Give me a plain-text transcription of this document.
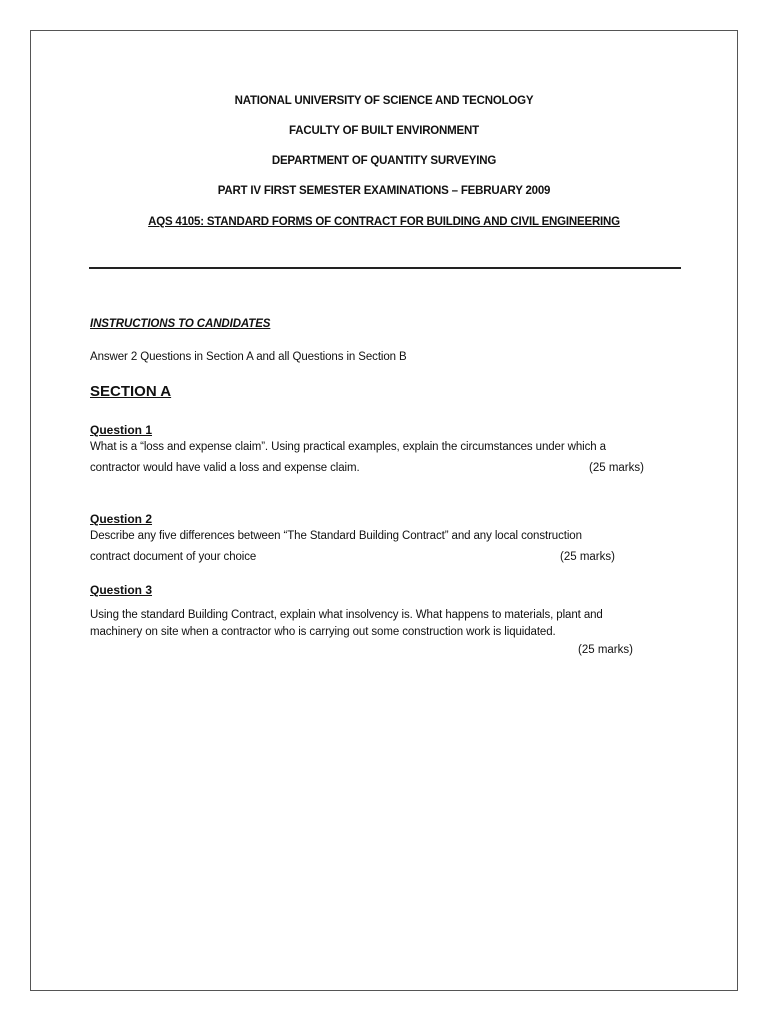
NATIONAL UNIVERSITY OF SCIENCE AND TECNOLOGY
FACULTY OF BUILT ENVIRONMENT
DEPARTMENT OF QUANTITY SURVEYING
PART IV FIRST SEMESTER EXAMINATIONS – FEBRUARY 2009
AQS 4105: STANDARD FORMS OF CONTRACT FOR BUILDING AND CIVIL ENGINEERING
INSTRUCTIONS TO CANDIDATES
Answer 2 Questions in Section A and all Questions in Section B
SECTION A
Question 1
What is a “loss and expense claim”. Using practical examples, explain the circumstances under which a
contractor would have valid a loss and expense claim.	(25 marks)
Question 2
Describe any five differences between “The Standard Building Contract” and any local construction
contract document of your choice	(25 marks)
Question 3
Using the standard Building Contract, explain what insolvency is. What happens to materials, plant and
machinery on site when a contractor who is carrying out some construction work is liquidated.
(25 marks)
